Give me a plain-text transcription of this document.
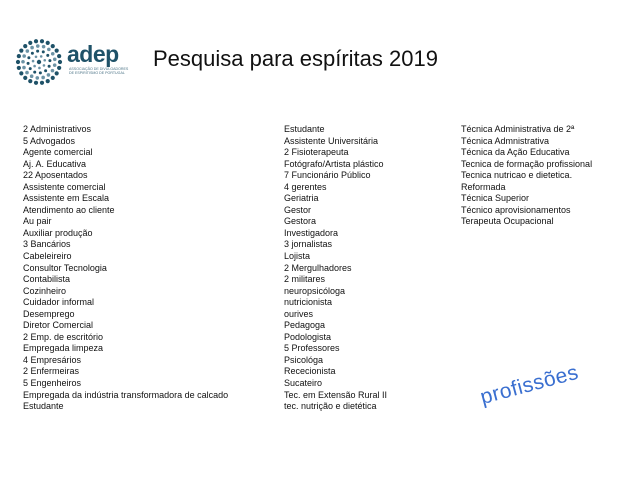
adep
ASSOCIAÇÃO DE DIVULGADORES DE ESPIRITISMO DE PORTUGAL
Pesquisa para espíritas 2019
2 Administrativos
5 Advogados
Agente comercial
Aj. A. Educativa
22 Aposentados
Assistente comercial
Assistente em Escala
Atendimento ao cliente
Au pair
Auxiliar produção
3 Bancários
Cabeleireiro
Consultor Tecnologia
Contabilista
Cozinheiro
Cuidador informal
Desemprego
Diretor Comercial
2 Emp. de escritório
Empregada limpeza
4 Empresários
2 Enfermeiras
5 Engenheiros
Empregada da indústria transformadora de calcado
Estudante
Estudante
Assistente Universitária
2 Fisioterapeuta
Fotógrafo/Artista plástico
7 Funcionário Público
4 gerentes
Geriatria
Gestor
Gestora
Investigadora
3 jornalistas
Lojista
2 Mergulhadores
2 militares
neuropsicóloga
nutricionista
ourives
Pedagoga
Podologista
5 Professores
Psicológa
Rececionista
Sucateiro
Tec. em Extensão Rural II
tec. nutrição e dietética
Técnica Administrativa de 2ª
Técnica Admnistrativa
Técnica da Ação Educativa
Tecnica de formação profissional
Tecnica nutricao e dietetica.
Reformada
Técnica Superior
Técnico aprovisionamentos
Terapeuta Ocupacional
profissões
